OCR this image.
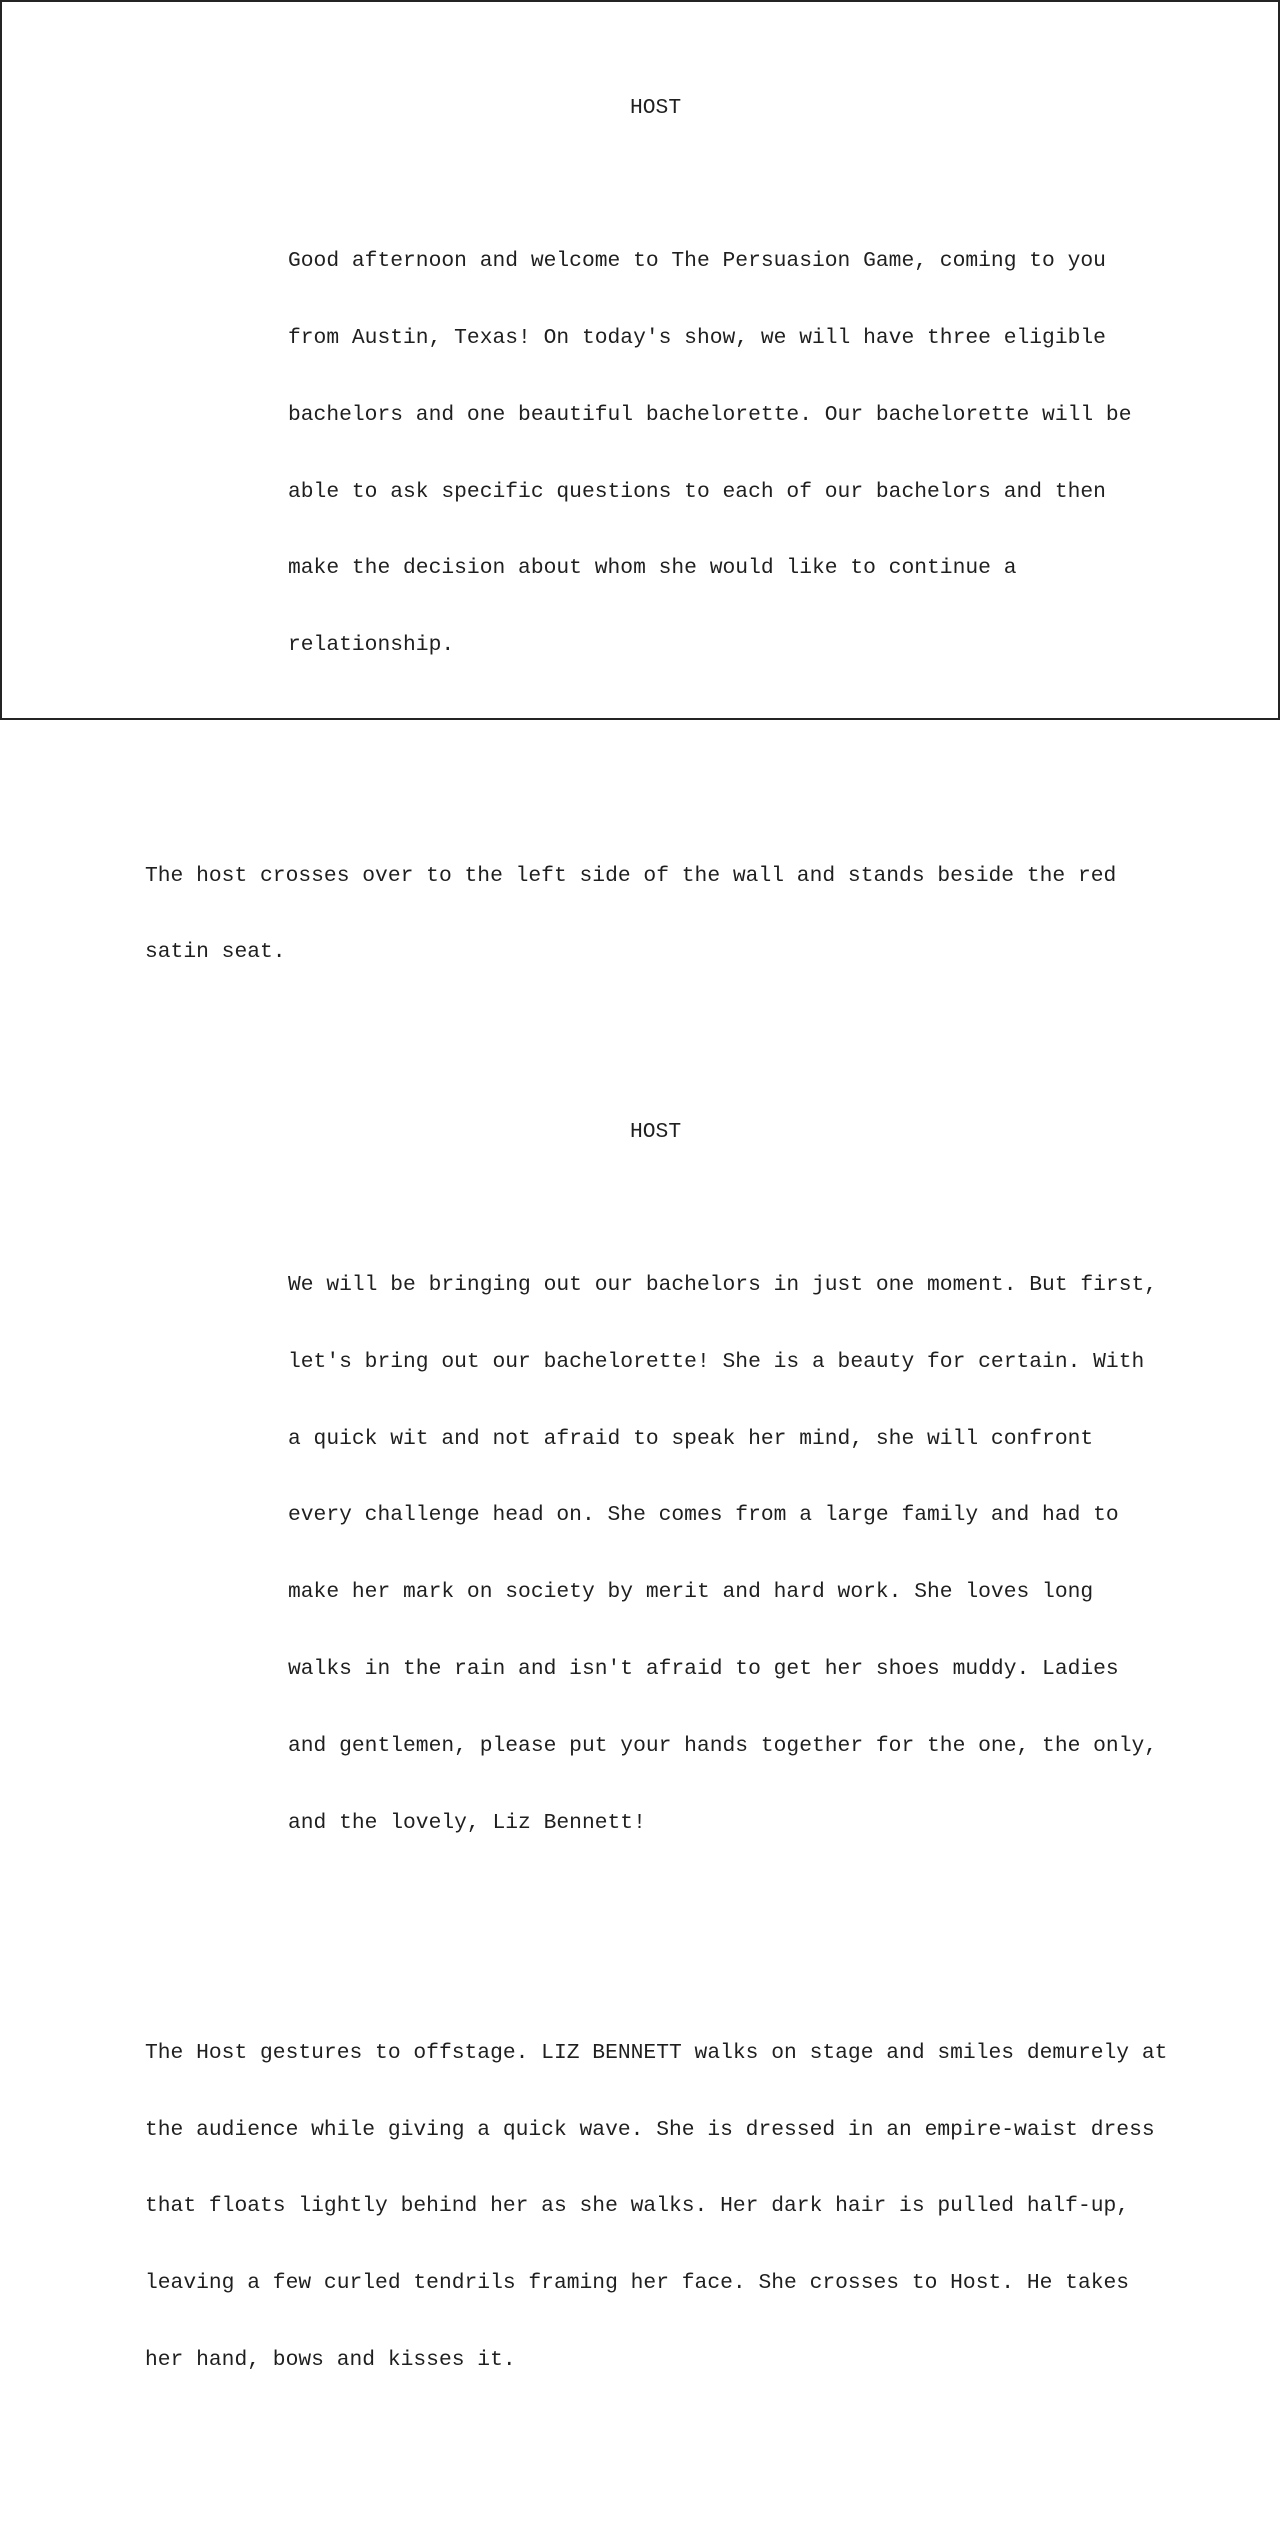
HOST

Good afternoon and welcome to The Persuasion Game, coming to you

from Austin, Texas! On today's show, we will have three eligible

bachelors and one beautiful bachelorette. Our bachelorette will be

able to ask specific questions to each of our bachelors and then

make the decision about whom she would like to continue a

relationship.

The host crosses over to the left side of the wall and stands beside the red

satin seat.

HOST

We will be bringing out our bachelors in just one moment. But first,

let's bring out our bachelorette! She is a beauty for certain. With

a quick wit and not afraid to speak her mind, she will confront

every challenge head on. She comes from a large family and had to

make her mark on society by merit and hard work. She loves long

walks in the rain and isn't afraid to get her shoes muddy. Ladies

and gentlemen, please put your hands together for the one, the only,

and the lovely, Liz Bennett!

The Host gestures to offstage. LIZ BENNETT walks on stage and smiles demurely at

the audience while giving a quick wave. She is dressed in an empire-waist dress

that floats lightly behind her as she walks. Her dark hair is pulled half-up,

leaving a few curled tendrils framing her face. She crosses to Host. He takes

her hand, bows and kisses it.
